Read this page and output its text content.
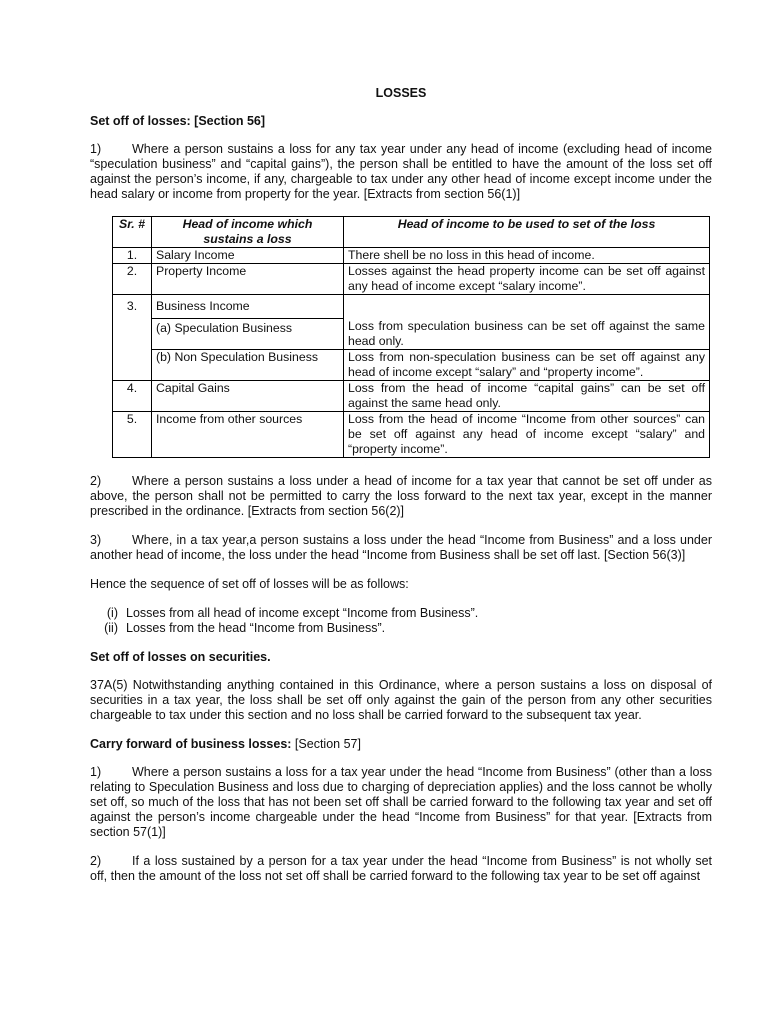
LOSSES
Set off of losses: [Section 56]

1) Where a person sustains a loss for any tax year under any head of income (excluding head of income “speculation business” and “capital gains”), the person shall be entitled to have the amount of the loss set off against the person’s income, if any, chargeable to tax under any other head of income except income under the head salary or income from property for the year. [Extracts from section 56(1)]

Sr. #	Head of income which sustains a loss	Head of income to be used to set of the loss
1.	Salary Income	There shell be no loss in this head of income.
2.	Property Income	Losses against the head property income can be set off against any head of income except “salary income”.
3.	Business Income	
	(a) Speculation Business	Loss from speculation business can be set off against the same head only.
	(b) Non Speculation Business	Loss from non-speculation business can be set off against any head of income except “salary” and “property income”.
4.	Capital Gains	Loss from the head of income “capital gains” can be set off against the same head only.
5.	Income from other sources	Loss from the head of income “Income from other sources” can be set off against any head of income except “salary” and “property income”.

2) Where a person sustains a loss under a head of income for a tax year that cannot be set off under as above, the person shall not be permitted to carry the loss forward to the next tax year, except in the manner prescribed in the ordinance. [Extracts from section 56(2)]

3) Where, in a tax year,a person sustains a loss under the head “Income from Business” and a loss under another head of income, the loss under the head “Income from Business shall be set off last. [Section 56(3)]

Hence the sequence of set off of losses will be as follows:

(i) Losses from all head of income except “Income from Business”.
(ii) Losses from the head “Income from Business”.
Set off of losses on securities.

37A(5) Notwithstanding anything contained in this Ordinance, where a person sustains a loss on disposal of securities in a tax year, the loss shall be set off only against the gain of the person from any other securities chargeable to tax under this section and no loss shall be carried forward to the subsequent tax year.

Carry forward of business losses: [Section 57]

1) Where a person sustains a loss for a tax year under the head “Income from Business” (other than a loss relating to Speculation Business and loss due to charging of depreciation applies) and the loss cannot be wholly set off, so much of the loss that has not been set off shall be carried forward to the following tax year and set off against the person’s income chargeable under the head “Income from Business” for that year. [Extracts from section 57(1)]

2) If a loss sustained by a person for a tax year under the head “Income from Business” is not wholly set off, then the amount of the loss not set off shall be carried forward to the following tax year to be set off against
